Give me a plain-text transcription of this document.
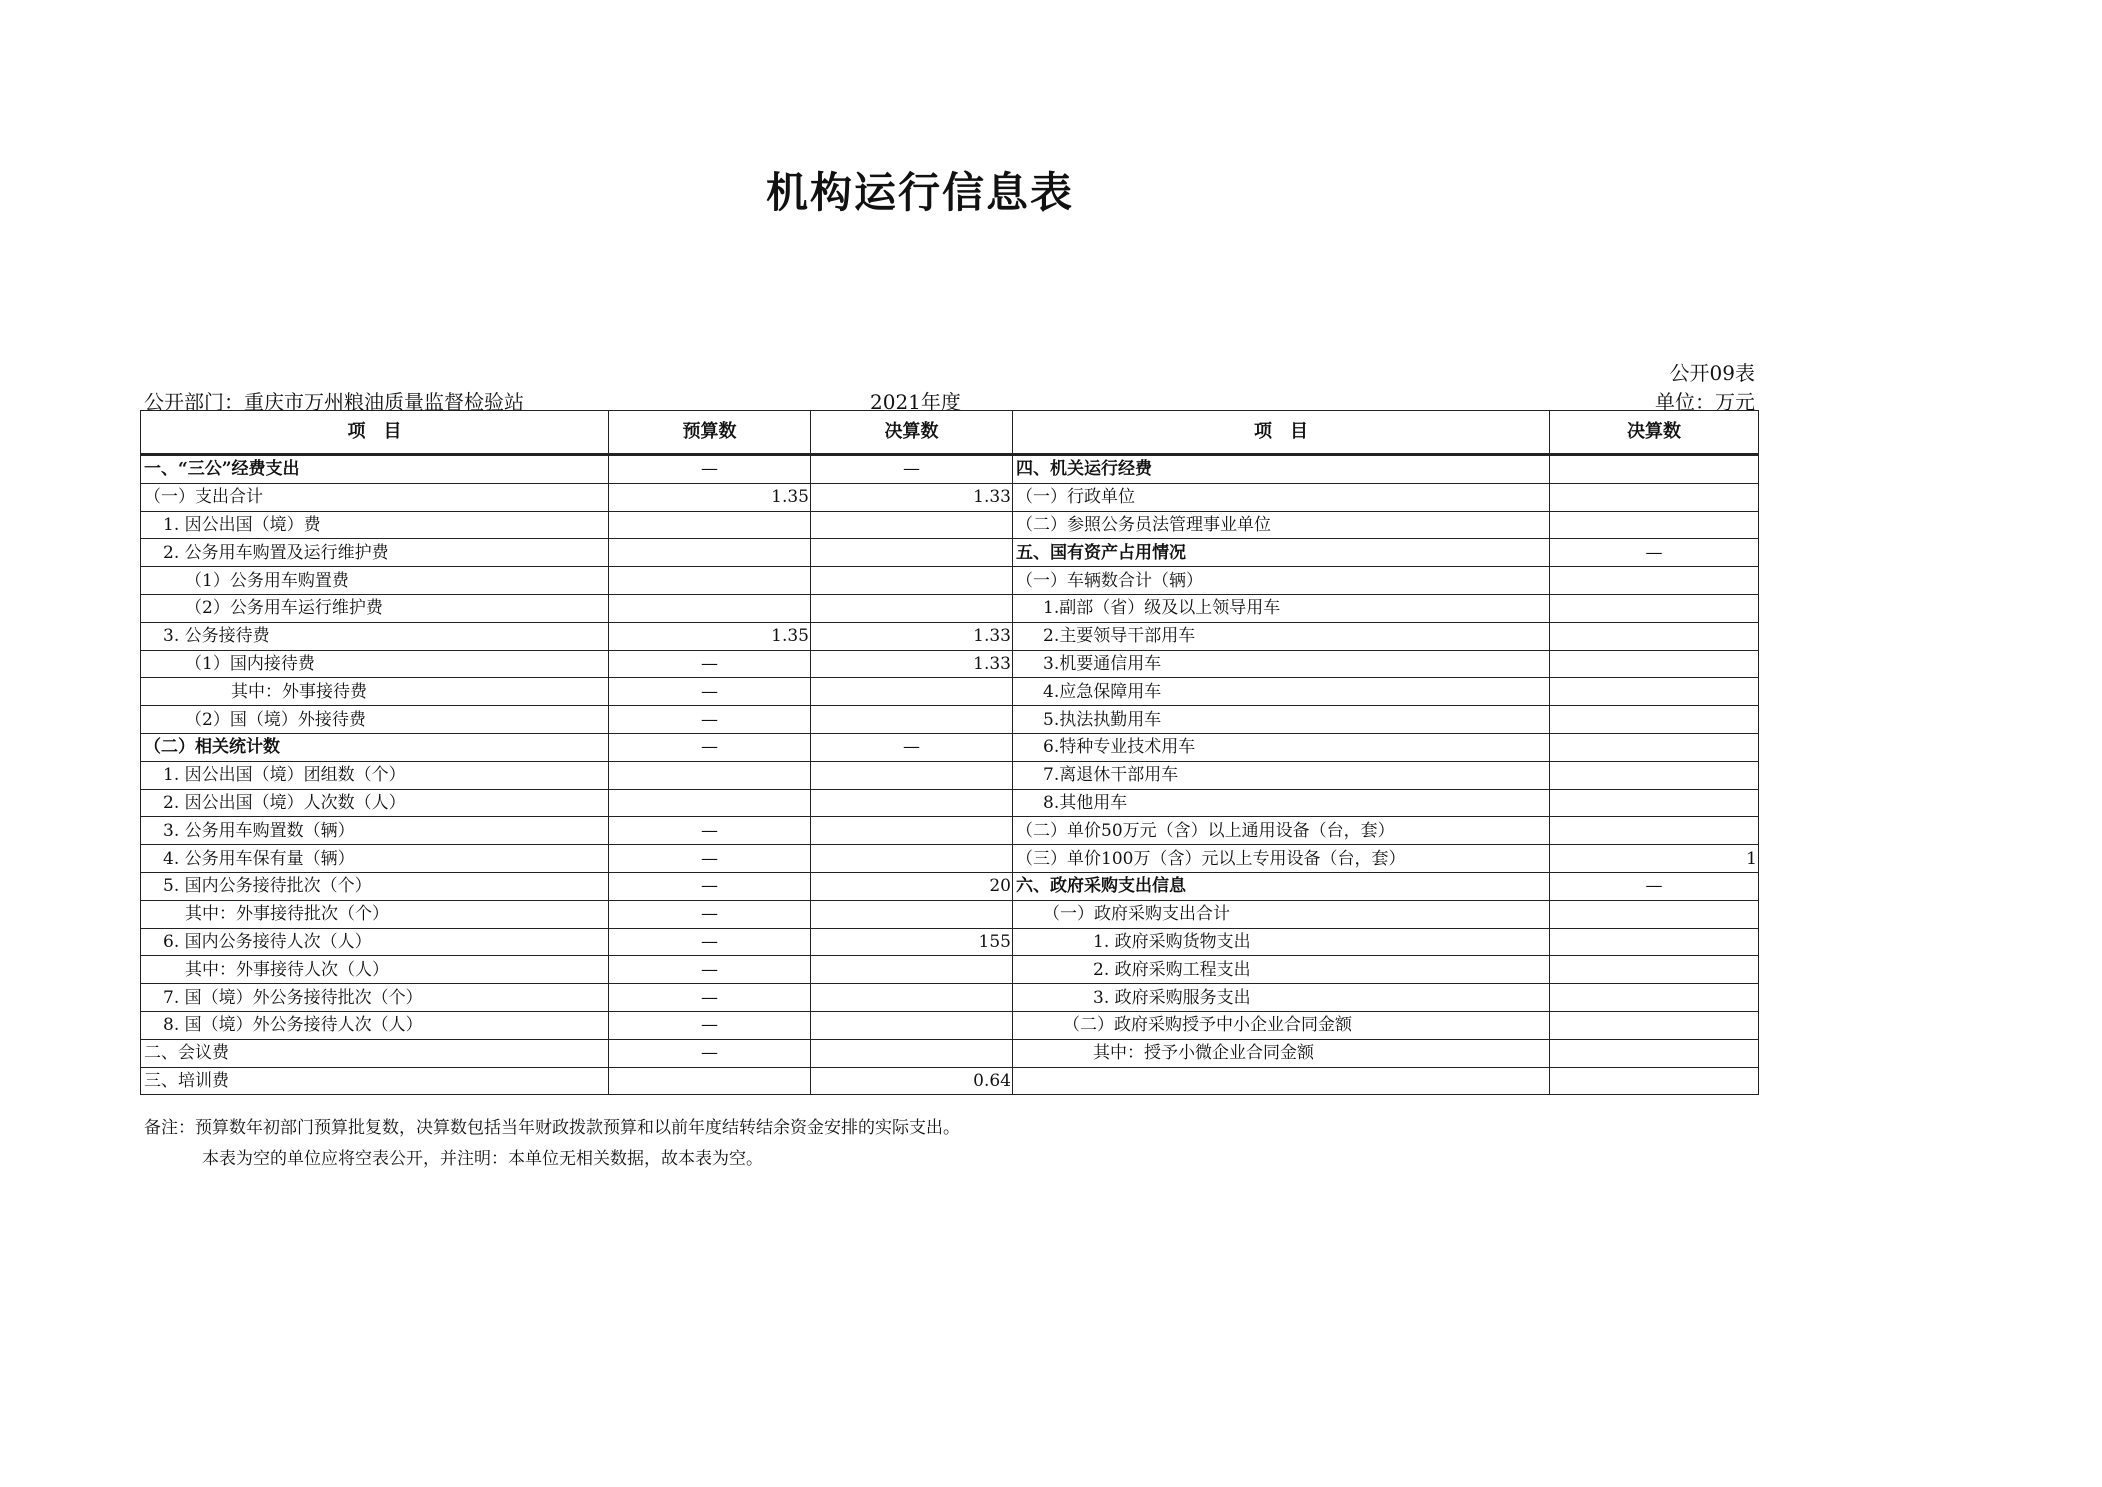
机构运行信息表
公开09表
公开部门：重庆市万州粮油质量监督检验站	2021年度	单位：万元
项　目	预算数	决算数	项　目	决算数
一、“三公”经费支出	—	—	四、机关运行经费	
（一）支出合计	1.35	1.33	（一）行政单位	
1. 因公出国（境）费			（二）参照公务员法管理事业单位	
2. 公务用车购置及运行维护费			五、国有资产占用情况	—
（1）公务用车购置费			（一）车辆数合计（辆）	
（2）公务用车运行维护费			1.副部（省）级及以上领导用车	
3. 公务接待费	1.35	1.33	2.主要领导干部用车	
（1）国内接待费	—	1.33	3.机要通信用车	
其中：外事接待费	—		4.应急保障用车	
（2）国（境）外接待费	—		5.执法执勤用车	
（二）相关统计数	—	—	6.特种专业技术用车	
1. 因公出国（境）团组数（个）			7.离退休干部用车	
2. 因公出国（境）人次数（人）			8.其他用车	
3. 公务用车购置数（辆）	—		（二）单价50万元（含）以上通用设备（台，套）	
4. 公务用车保有量（辆）	—		（三）单价100万（含）元以上专用设备（台，套）	1
5. 国内公务接待批次（个）	—	20	六、政府采购支出信息	—
其中：外事接待批次（个）	—		（一）政府采购支出合计	
6. 国内公务接待人次（人）	—	155	1. 政府采购货物支出	
其中：外事接待人次（人）	—		2. 政府采购工程支出	
7. 国（境）外公务接待批次（个）	—		3. 政府采购服务支出	
8. 国（境）外公务接待人次（人）	—		（二）政府采购授予中小企业合同金额	
二、会议费	—		其中：授予小微企业合同金额	
三、培训费		0.64		
备注：预算数年初部门预算批复数，决算数包括当年财政拨款预算和以前年度结转结余资金安排的实际支出。
本表为空的单位应将空表公开，并注明：本单位无相关数据，故本表为空。
